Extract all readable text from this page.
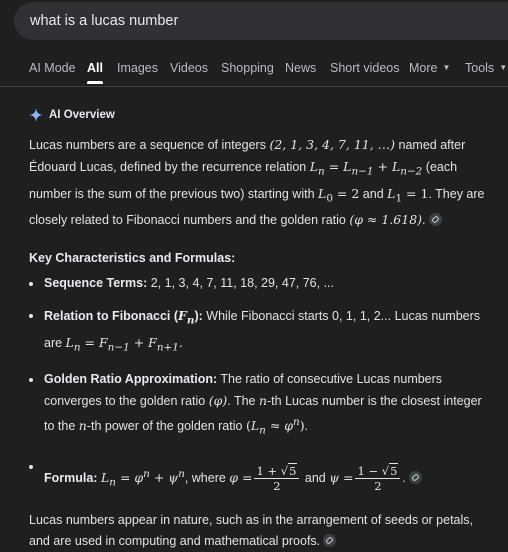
what is a lucas number
AI Mode All Images Videos Shopping News Short videos More ▼ Tools ▼
AI Overview

Lucas numbers are a sequence of integers (2, 1, 3, 4, 7, 11, …) named after Édouard Lucas, defined by the recurrence relation $L_n = L_{n-1} + L_{n-2}$ (each number is the sum of the previous two) starting with $L_0 = 2$ and $L_1 = 1$. They are closely related to Fibonacci numbers and the golden ratio (φ ≈ 1.618).

Key Characteristics and Formulas:

Sequence Terms: 2, 1, 3, 4, 7, 11, 18, 29, 47, 76, ...
Relation to Fibonacci $(F_n)$: While Fibonacci starts 0, 1, 1, 2... Lucas numbers are $L_n = F_{n-1} + F_{n+1}$.
Golden Ratio Approximation: The ratio of consecutive Lucas numbers converges to the golden ratio (φ). The n-th Lucas number is the closest integer to the n-th power of the golden ratio $(L_n \approx \varphi^n)$.
Formula: $L_n = \varphi^n + \psi^n$, where $\varphi = \frac{1 + √5}{2}$ and $\psi = \frac{1 - √5}{2}$ .

Lucas numbers appear in nature, such as in the arrangement of seeds or petals, and are used in computing and mathematical proofs.
